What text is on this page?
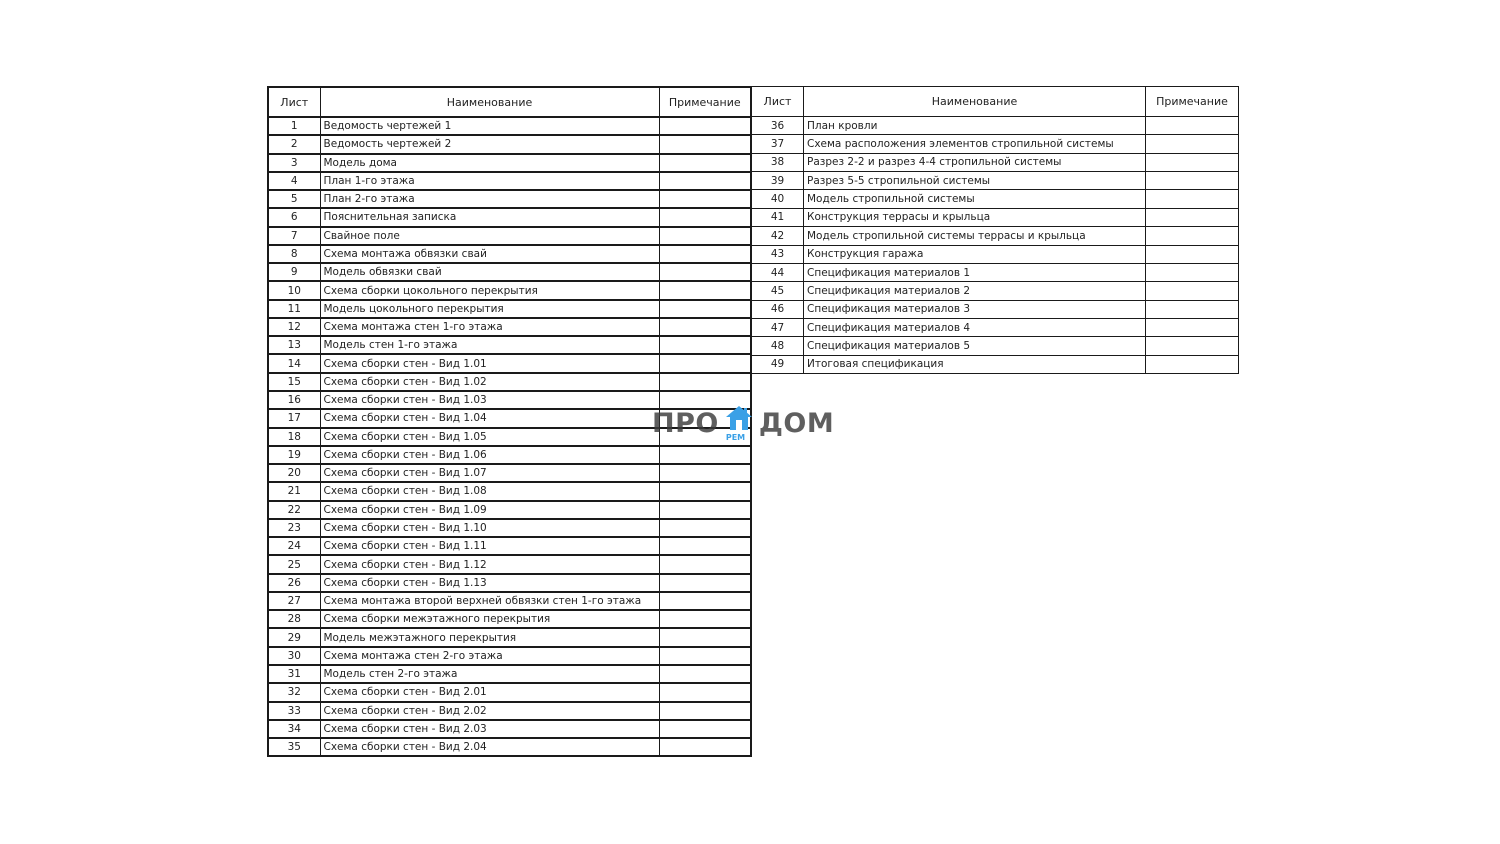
Лист	Наименование	Примечание
1	Ведомость чертежей 1	
2	Ведомость чертежей 2	
3	Модель дома	
4	План 1-го этажа	
5	План 2-го этажа	
6	Пояснительная записка	
7	Свайное поле	
8	Схема монтажа обвязки свай	
9	Модель обвязки свай	
10	Схема сборки цокольного перекрытия	
11	Модель цокольного перекрытия	
12	Схема монтажа стен 1-го этажа	
13	Модель стен 1-го этажа	
14	Схема сборки стен - Вид 1.01	
15	Схема сборки стен - Вид 1.02	
16	Схема сборки стен - Вид 1.03	
17	Схема сборки стен - Вид 1.04	
18	Схема сборки стен - Вид 1.05	
19	Схема сборки стен - Вид 1.06	
20	Схема сборки стен - Вид 1.07	
21	Схема сборки стен - Вид 1.08	
22	Схема сборки стен - Вид 1.09	
23	Схема сборки стен - Вид 1.10	
24	Схема сборки стен - Вид 1.11	
25	Схема сборки стен - Вид 1.12	
26	Схема сборки стен - Вид 1.13	
27	Схема монтажа второй верхней обвязки стен 1-го этажа	
28	Схема сборки межэтажного перекрытия	
29	Модель межэтажного перекрытия	
30	Схема монтажа стен 2-го этажа	
31	Модель стен 2-го этажа	
32	Схема сборки стен - Вид 2.01	
33	Схема сборки стен - Вид 2.02	
34	Схема сборки стен - Вид 2.03	
35	Схема сборки стен - Вид 2.04	
Лист	Наименование	Примечание
36	План кровли	
37	Схема расположения элементов стропильной системы	
38	Разрез 2-2 и разрез 4-4 стропильной системы	
39	Разрез 5-5 стропильной системы	
40	Модель стропильной системы	
41	Конструкция террасы и крыльца	
42	Модель стропильной системы террасы и крыльца	
43	Конструкция гаража	
44	Спецификация материалов 1	
45	Спецификация материалов 2	
46	Спецификация материалов 3	
47	Спецификация материалов 4	
48	Спецификация материалов 5	
49	Итоговая спецификация	
ПРО РЕМ ДОМ
